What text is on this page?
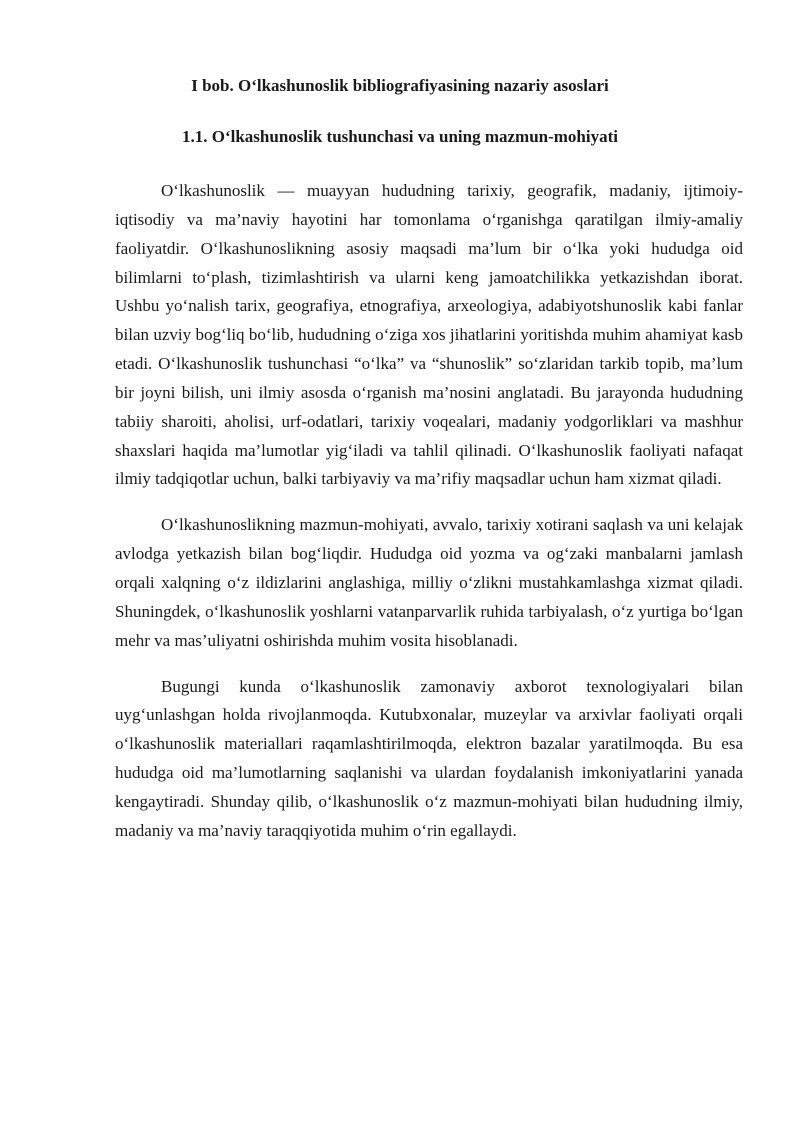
I bob. O‘lkashunoslik bibliografiyasining nazariy asoslari
1.1. O‘lkashunoslik tushunchasi va uning mazmun-mohiyati

O‘lkashunoslik — muayyan hududning tarixiy, geografik, madaniy, ijtimoiy-iqtisodiy va ma’naviy hayotini har tomonlama o‘rganishga qaratilgan ilmiy-amaliy faoliyatdir. O‘lkashunoslikning asosiy maqsadi ma’lum bir o‘lka yoki hududga oid bilimlarni to‘plash, tizimlashtirish va ularni keng jamoatchilikka yetkazishdan iborat. Ushbu yo‘nalish tarix, geografiya, etnografiya, arxeologiya, adabiyotshunoslik kabi fanlar bilan uzviy bog‘liq bo‘lib, hududning o‘ziga xos jihatlarini yoritishda muhim ahamiyat kasb etadi. O‘lkashunoslik tushunchasi “o‘lka” va “shunoslik” so‘zlaridan tarkib topib, ma’lum bir joyni bilish, uni ilmiy asosda o‘rganish ma’nosini anglatadi. Bu jarayonda hududning tabiiy sharoiti, aholisi, urf-odatlari, tarixiy voqealari, madaniy yodgorliklari va mashhur shaxslari haqida ma’lumotlar yig‘iladi va tahlil qilinadi. O‘lkashunoslik faoliyati nafaqat ilmiy tadqiqotlar uchun, balki tarbiyaviy va ma’rifiy maqsadlar uchun ham xizmat qiladi.

O‘lkashunoslikning mazmun-mohiyati, avvalo, tarixiy xotirani saqlash va uni kelajak avlodga yetkazish bilan bog‘liqdir. Hududga oid yozma va og‘zaki manbalarni jamlash orqali xalqning o‘z ildizlarini anglashiga, milliy o‘zlikni mustahkamlashga xizmat qiladi. Shuningdek, o‘lkashunoslik yoshlarni vatanparvarlik ruhida tarbiyalash, o‘z yurtiga bo‘lgan mehr va mas’uliyatni oshirishda muhim vosita hisoblanadi.

Bugungi kunda o‘lkashunoslik zamonaviy axborot texnologiyalari bilan uyg‘unlashgan holda rivojlanmoqda. Kutubxonalar, muzeylar va arxivlar faoliyati orqali o‘lkashunoslik materiallari raqamlashtirilmoqda, elektron bazalar yaratilmoqda. Bu esa hududga oid ma’lumotlarning saqlanishi va ulardan foydalanish imkoniyatlarini yanada kengaytiradi. Shunday qilib, o‘lkashunoslik o‘z mazmun-mohiyati bilan hududning ilmiy, madaniy va ma’naviy taraqqiyotida muhim o‘rin egallaydi.
